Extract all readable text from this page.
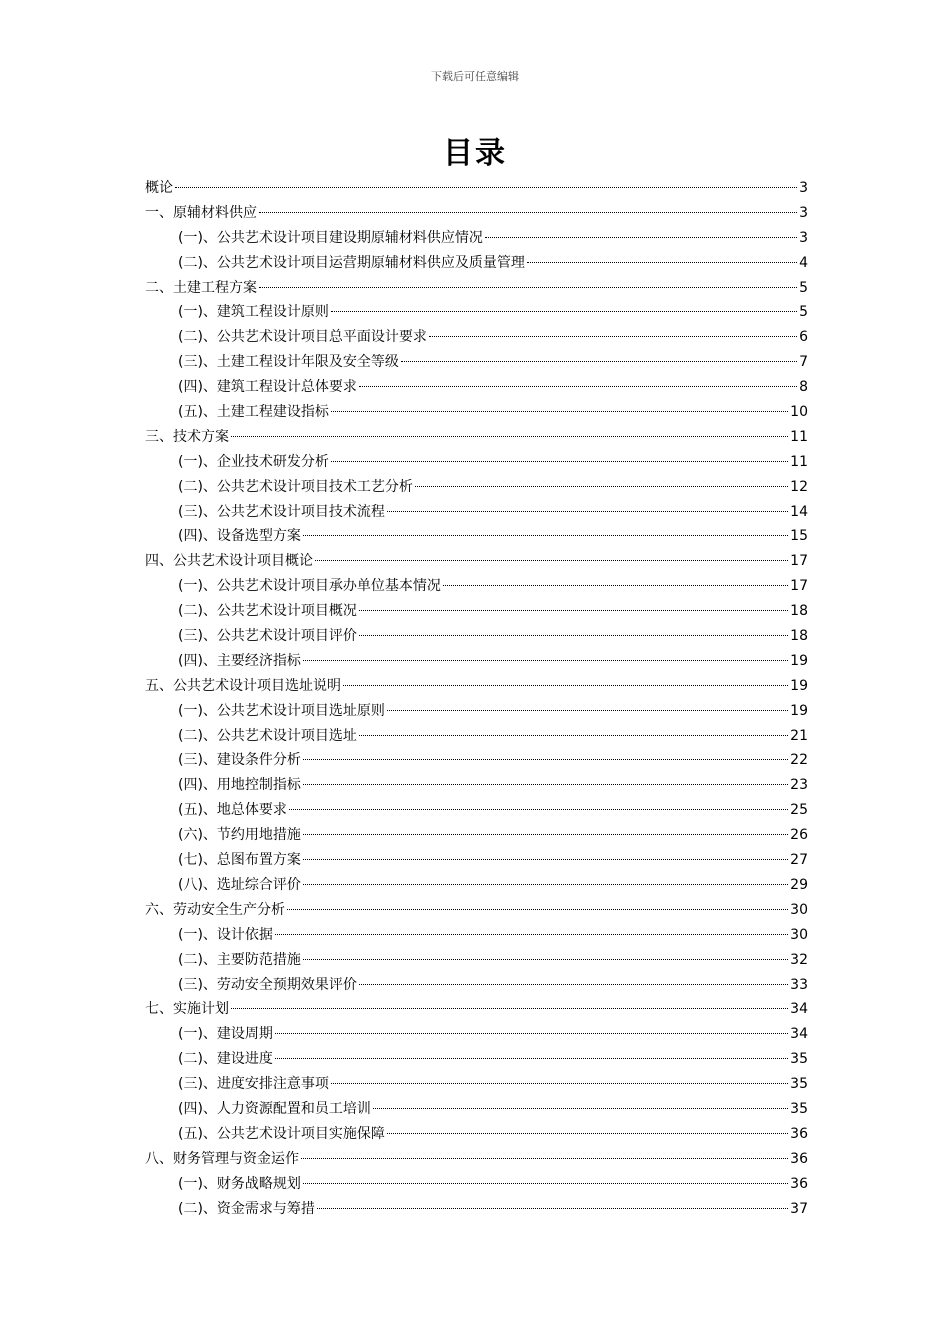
下载后可任意编辑
目录
概论	3
一、原辅材料供应	3
(一)、公共艺术设计项目建设期原辅材料供应情况	3
(二)、公共艺术设计项目运营期原辅材料供应及质量管理	4
二、土建工程方案	5
(一)、建筑工程设计原则	5
(二)、公共艺术设计项目总平面设计要求	6
(三)、土建工程设计年限及安全等级	7
(四)、建筑工程设计总体要求	8
(五)、土建工程建设指标	10
三、技术方案	11
(一)、企业技术研发分析	11
(二)、公共艺术设计项目技术工艺分析	12
(三)、公共艺术设计项目技术流程	14
(四)、设备选型方案	15
四、公共艺术设计项目概论	17
(一)、公共艺术设计项目承办单位基本情况	17
(二)、公共艺术设计项目概况	18
(三)、公共艺术设计项目评价	18
(四)、主要经济指标	19
五、公共艺术设计项目选址说明	19
(一)、公共艺术设计项目选址原则	19
(二)、公共艺术设计项目选址	21
(三)、建设条件分析	22
(四)、用地控制指标	23
(五)、地总体要求	25
(六)、节约用地措施	26
(七)、总图布置方案	27
(八)、选址综合评价	29
六、劳动安全生产分析	30
(一)、设计依据	30
(二)、主要防范措施	32
(三)、劳动安全预期效果评价	33
七、实施计划	34
(一)、建设周期	34
(二)、建设进度	35
(三)、进度安排注意事项	35
(四)、人力资源配置和员工培训	35
(五)、公共艺术设计项目实施保障	36
八、财务管理与资金运作	36
(一)、财务战略规划	36
(二)、资金需求与筹措	37
